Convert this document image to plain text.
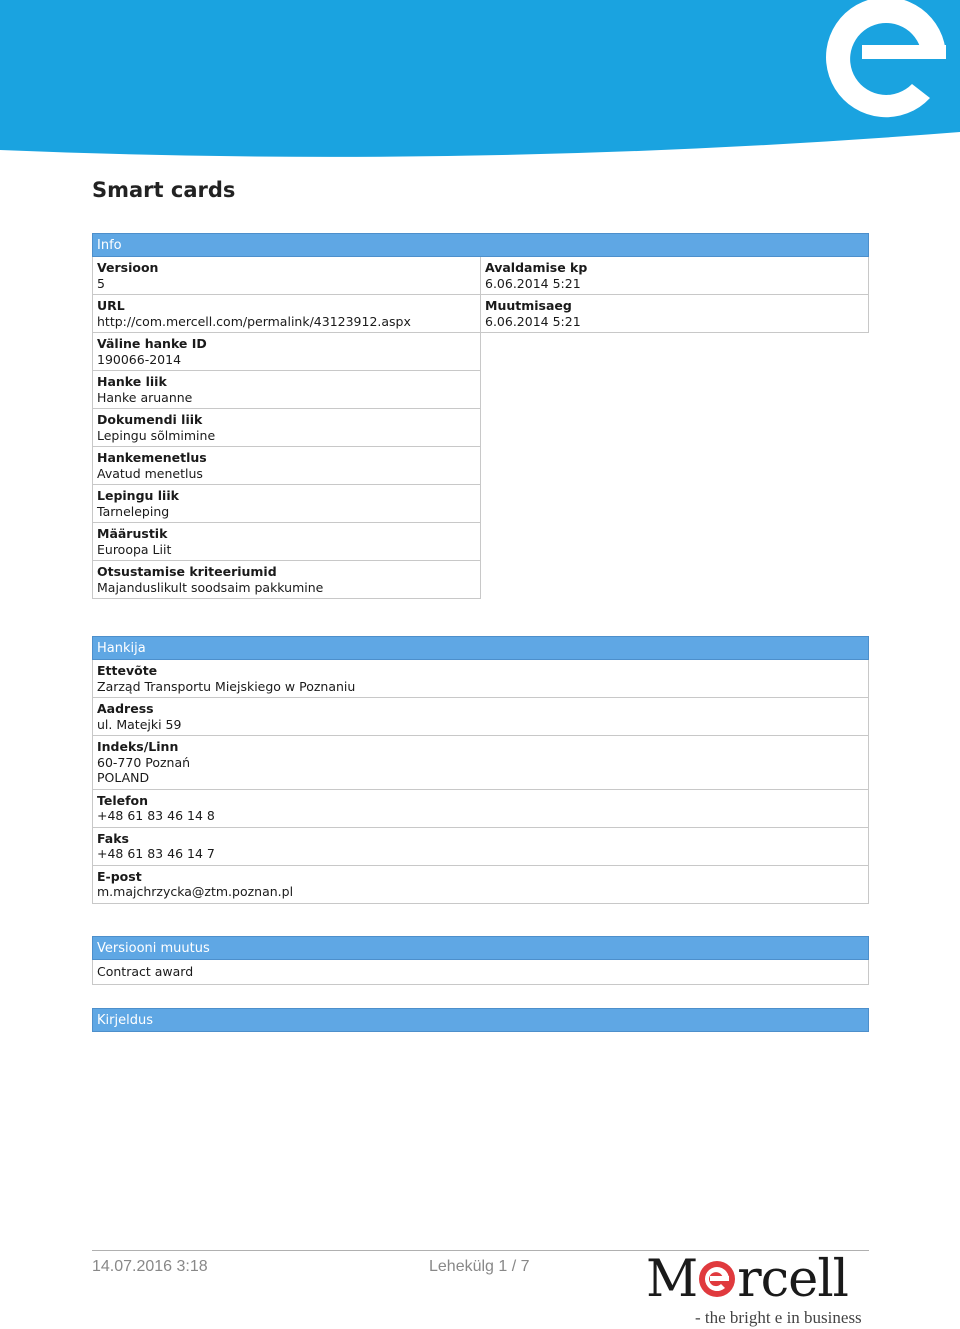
Smart cards
Info
Versioon
5
URL
http://com.mercell.com/permalink/43123912.aspx
Väline hanke ID
190066-2014
Hanke liik
Hanke aruanne
Dokumendi liik
Lepingu sõlmimine
Hankemenetlus
Avatud menetlus
Lepingu liik
Tarneleping
Määrustik
Euroopa Liit
Otsustamise kriteeriumid
Majanduslikult soodsaim pakkumine
Avaldamise kp
6.06.2014 5:21
Muutmisaeg
6.06.2014 5:21
Hankija
Ettevõte
Zarząd Transportu Miejskiego w Poznaniu
Aadress
ul. Matejki 59
Indeks/Linn
60-770 Poznań
POLAND
Telefon
+48 61 83 46 14 8
Faks
+48 61 83 46 14 7
E-post
m.majchrzycka@ztm.poznan.pl
Versiooni muutus
Contract award
Kirjeldus
14.07.2016 3:18	Lehekülg 1 / 7 M rcell
- the bright e in business
